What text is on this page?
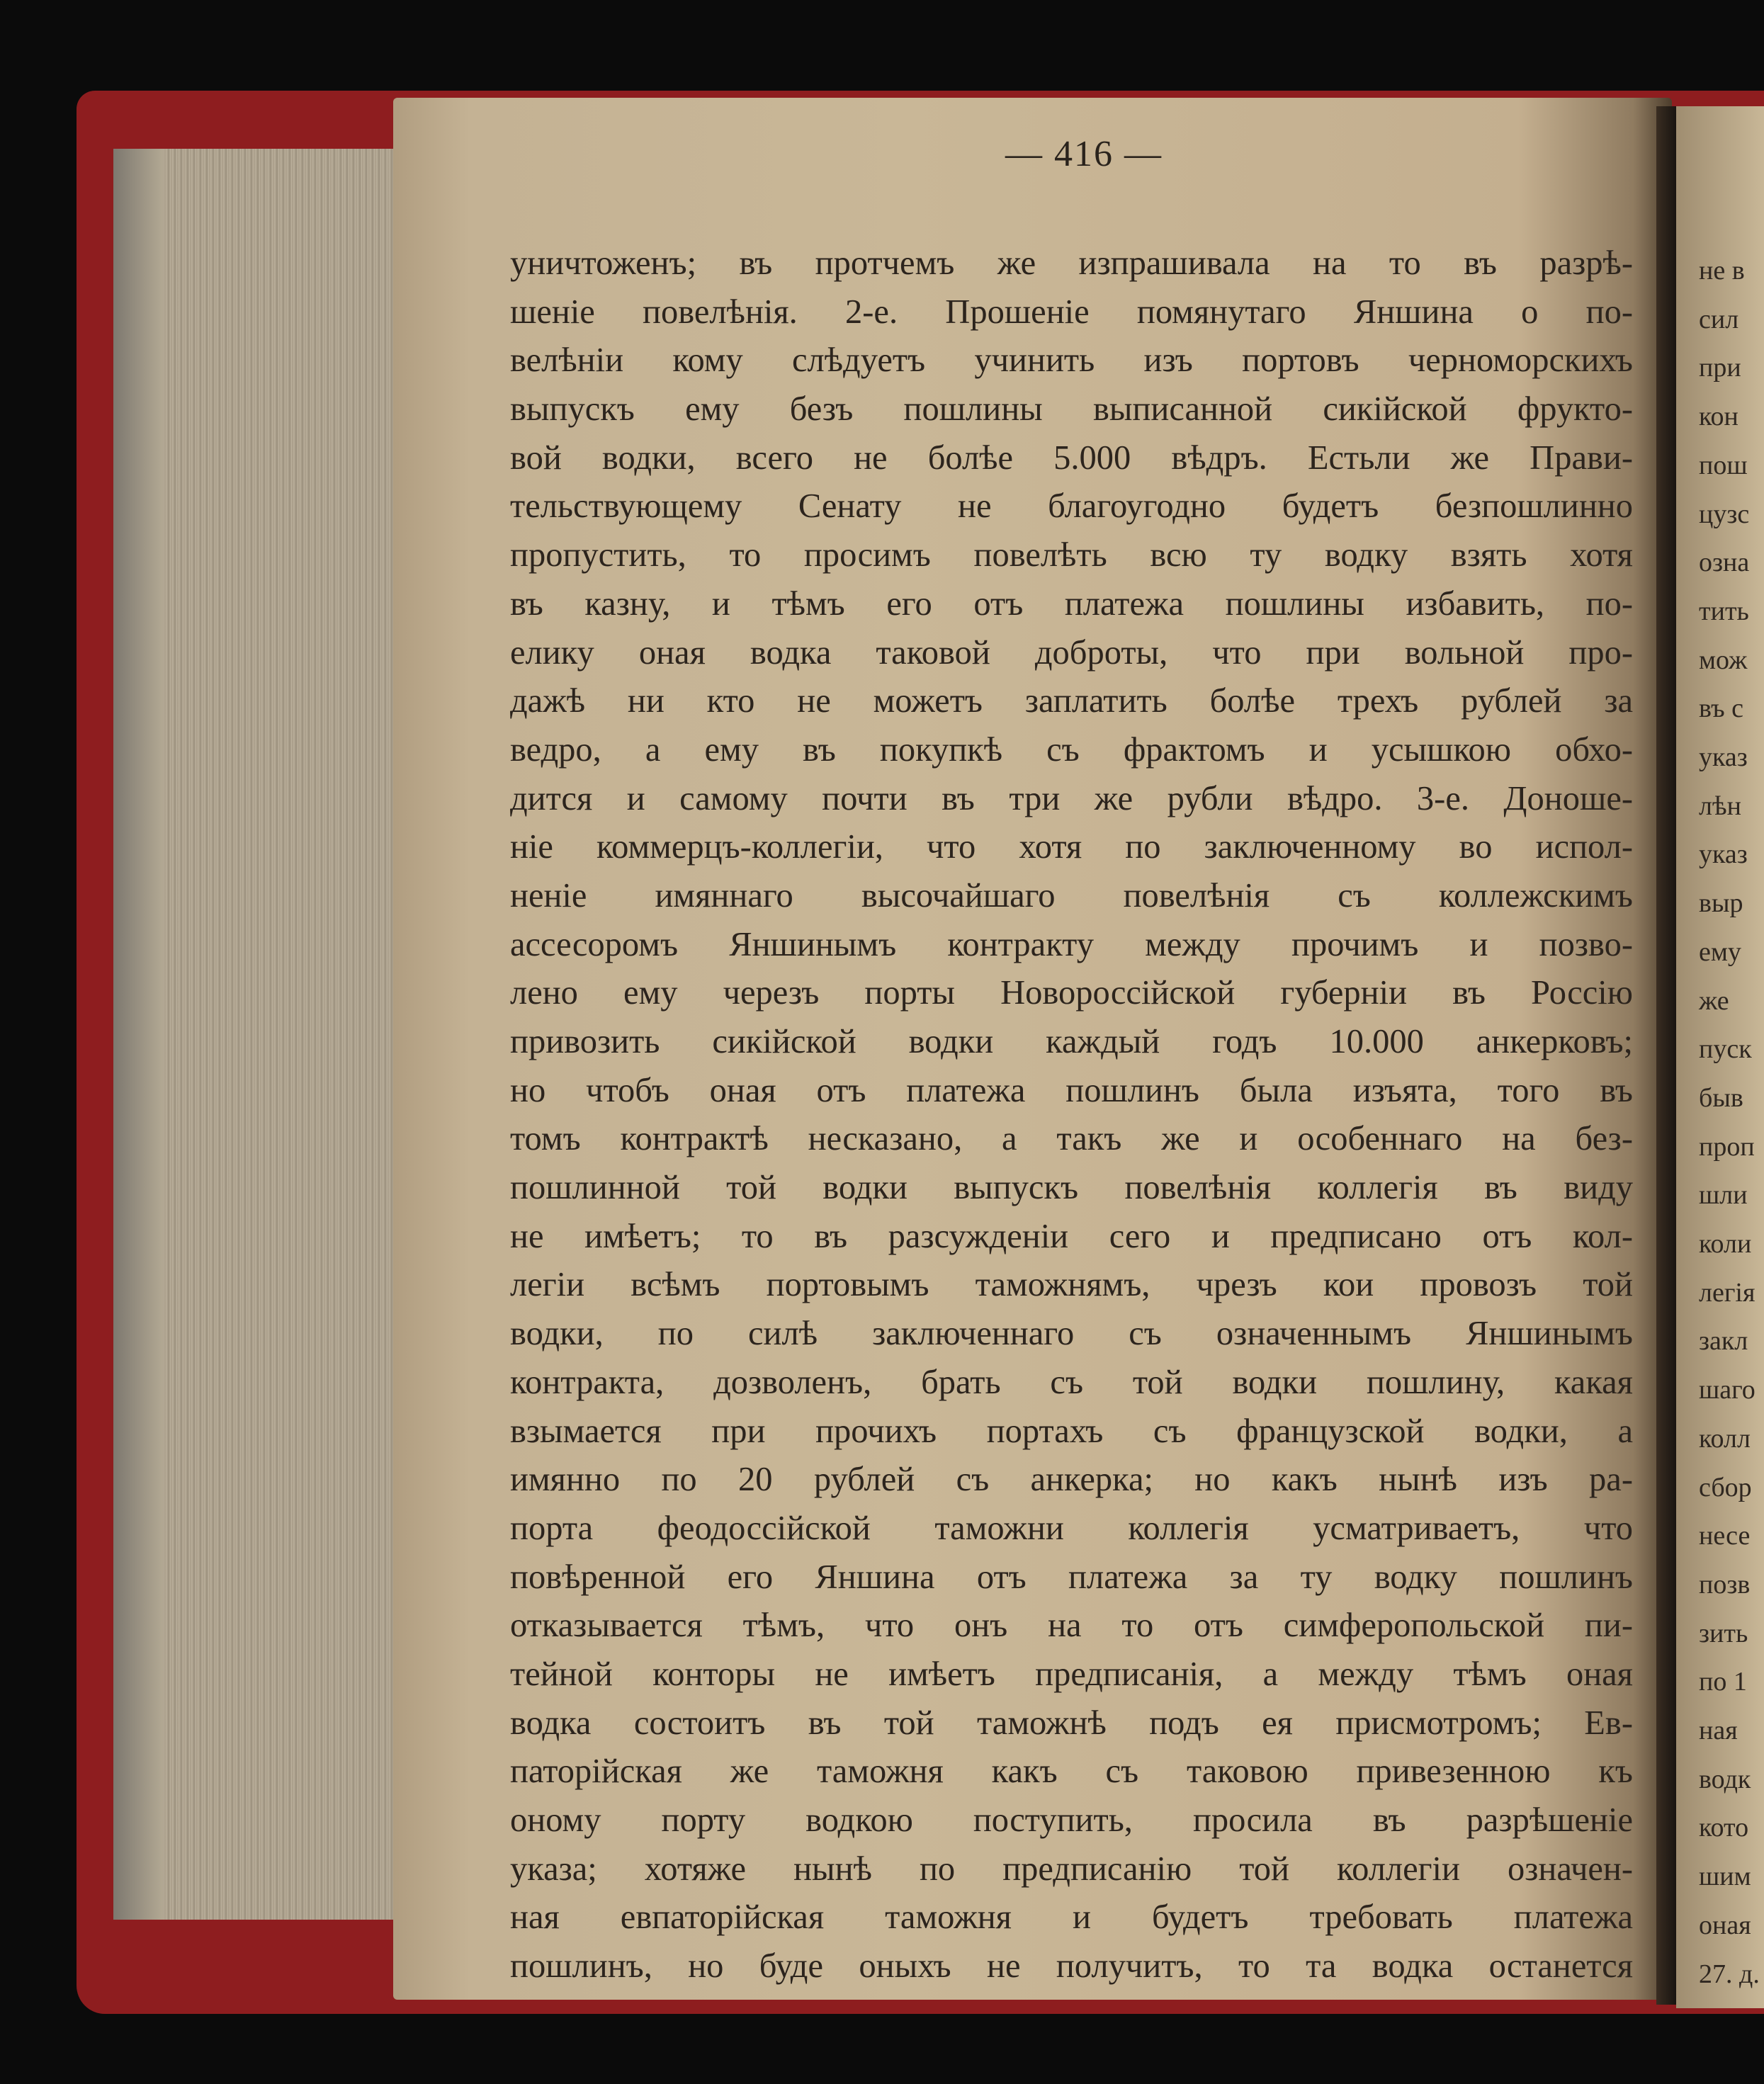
— 416 —
уничтоженъ; въ протчемъ же изпрашивала на то въ разрѣ-
шеніе повелѣнія. 2-е. Прошеніе помянутаго Яншина о по-
велѣніи кому слѣдуетъ учинить изъ портовъ черноморскихъ
выпускъ ему безъ пошлины выписанной сикійской фрукто-
вой водки, всего не болѣе 5.000 вѣдръ. Естьли же Прави-
тельствующему Сенату не благоугодно будетъ безпошлинно
пропустить, то просимъ повелѣть всю ту водку взять хотя
въ казну, и тѣмъ его отъ платежа пошлины избавить, по-
елику оная водка таковой доброты, что при вольной про-
дажѣ ни кто не можетъ заплатить болѣе трехъ рублей за
ведро, а ему въ покупкѣ съ фрактомъ и усышкою обхо-
дится и самому почти въ три же рубли вѣдро. 3-е. Доноше-
ніе коммерцъ-коллегіи, что хотя по заключенному во испол-
неніе имяннаго высочайшаго повелѣнія съ коллежскимъ
ассесоромъ Яншинымъ контракту между прочимъ и позво-
лено ему черезъ порты Новороссійской губерніи въ Россію
привозить сикійской водки каждый годъ 10.000 анкерковъ;
но чтобъ оная отъ платежа пошлинъ была изъята, того въ
томъ контрактѣ несказано, а такъ же и особеннаго на без-
пошлинной той водки выпускъ повелѣнія коллегія въ виду
не имѣетъ; то въ разсужденіи сего и предписано отъ кол-
легіи всѣмъ портовымъ таможнямъ, чрезъ кои провозъ той
водки, по силѣ заключеннаго съ означеннымъ Яншинымъ
контракта, дозволенъ, брать съ той водки пошлину, какая
взымается при прочихъ портахъ съ французской водки, а
имянно по 20 рублей съ анкерка; но какъ нынѣ изъ ра-
порта феодоссійской таможни коллегія усматриваетъ, что
повѣренной его Яншина отъ платежа за ту водку пошлинъ
отказывается тѣмъ, что онъ на то отъ симферопольской пи-
тейной конторы не имѣетъ предписанія, а между тѣмъ оная
водка состоитъ въ той таможнѣ подъ ея присмотромъ; Ев-
паторійская же таможня какъ съ таковою привезенною къ
оному порту водкою поступить, просила въ разрѣшеніе
указа; хотяже нынѣ по предписанію той коллегіи означен-
ная евпаторійская таможня и будетъ требовать платежа
пошлинъ, но буде оныхъ не получитъ, то та водка останется
не в
сил
при
кон
пош
цузс
озна
тить
мож
въ с
указ
лѣн
указ
выр
ему
же
пуск
быв
проп
шли
коли
легія
закл
шаго
колл
сбор
несе
позв
зить
по 1
ная
водк
кото
шим
оная
27. д.
